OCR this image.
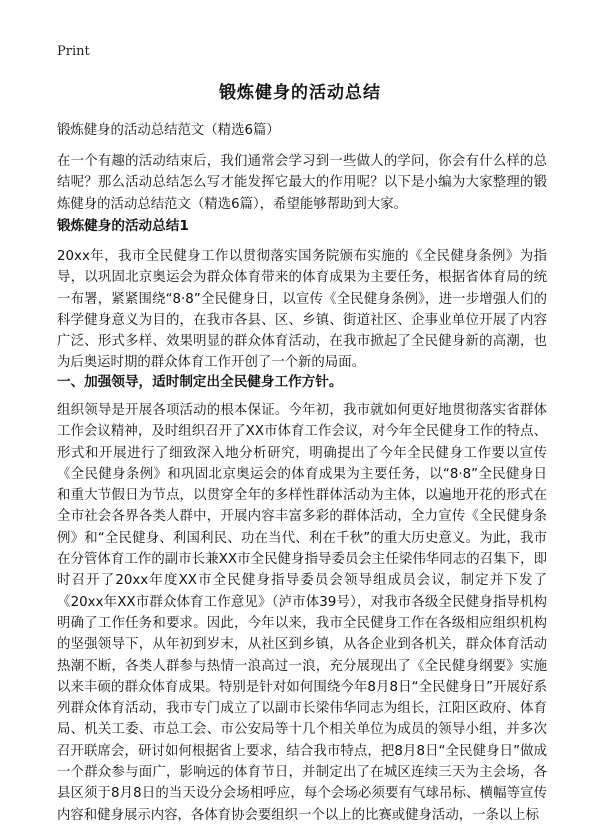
Print
锻炼健身的活动总结

锻炼健身的活动总结范文（精选6篇）

在一个有趣的活动结束后，我们通常会学习到一些做人的学问，你会有什么样的总结呢？那么活动总结怎么写才能发挥它最大的作用呢？以下是小编为大家整理的锻炼健身的活动总结范文（精选6篇），希望能够帮助到大家。

锻炼健身的活动总结1

20xx年，我市全民健身工作以贯彻落实国务院颁布实施的《全民健身条例》为指导，以巩固北京奥运会为群众体育带来的体育成果为主要任务，根据省体育局的统一布署，紧紧围绕“8·8”全民健身日，以宣传《全民健身条例》，进一步增强人们的科学健身意义为目的，在我市各县、区、乡镇、街道社区、企事业单位开展了内容广泛、形式多样、效果明显的群众体育活动，在我市掀起了全民健身新的高潮，也为后奥运时期的群众体育工作开创了一个新的局面。

一、加强领导，适时制定出全民健身工作方针。

组织领导是开展各项活动的根本保证。今年初，我市就如何更好地贯彻落实省群体工作会议精神，及时组织召开了XX市体育工作会议，对今年全民健身工作的特点、形式和开展进行了细致深入地分析研究，明确提出了今年全民健身工作要以宣传《全民健身条例》和巩固北京奥运会的体育成果为主要任务，以“8·8”全民健身日和重大节假日为节点，以贯穿全年的多样性群体活动为主体，以遍地开花的形式在全市社会各界各类人群中，开展内容丰富多彩的群体活动，全力宣传《全民健身条例》和“全民健身、利国利民、功在当代、利在千秋”的重大历史意义。为此，我市在分管体育工作的副市长兼XX市全民健身指导委员会主任梁伟华同志的召集下，即时召开了20xx年度XX市全民健身指导委员会领导组成员会议，制定并下发了《20xx年XX市群众体育工作意见》（泸市体39号），对我市各级全民健身指导机构明确了工作任务和要求。因此，今年以来，我市全民健身工作在各级相应组织机构的坚强领导下，从年初到岁末，从社区到乡镇，从各企业到各机关，群众体育活动热潮不断，各类人群参与热情一浪高过一浪，充分展现出了《全民健身纲要》实施以来丰硕的群众体育成果。特别是针对如何围绕今年8月8日“全民健身日”开展好系列群众体育活动，我市专门成立了以副市长梁伟华同志为组长，江阳区政府、体育局、机关工委、市总工会、市公安局等十几个相关单位为成员的领导小组，并多次召开联席会，研讨如何根据省上要求，结合我市特点，把8月8日“全民健身日”做成一个群众参与面广，影响远的体育节日，并制定出了在城区连续三天为主会场，各县区须于8月8日的当天设分会场相呼应，每个会场必须要有气球吊标、横幅等宣传内容和健身展示内容，各体育协会要组织一个以上的比赛或健身活动，一条以上标
